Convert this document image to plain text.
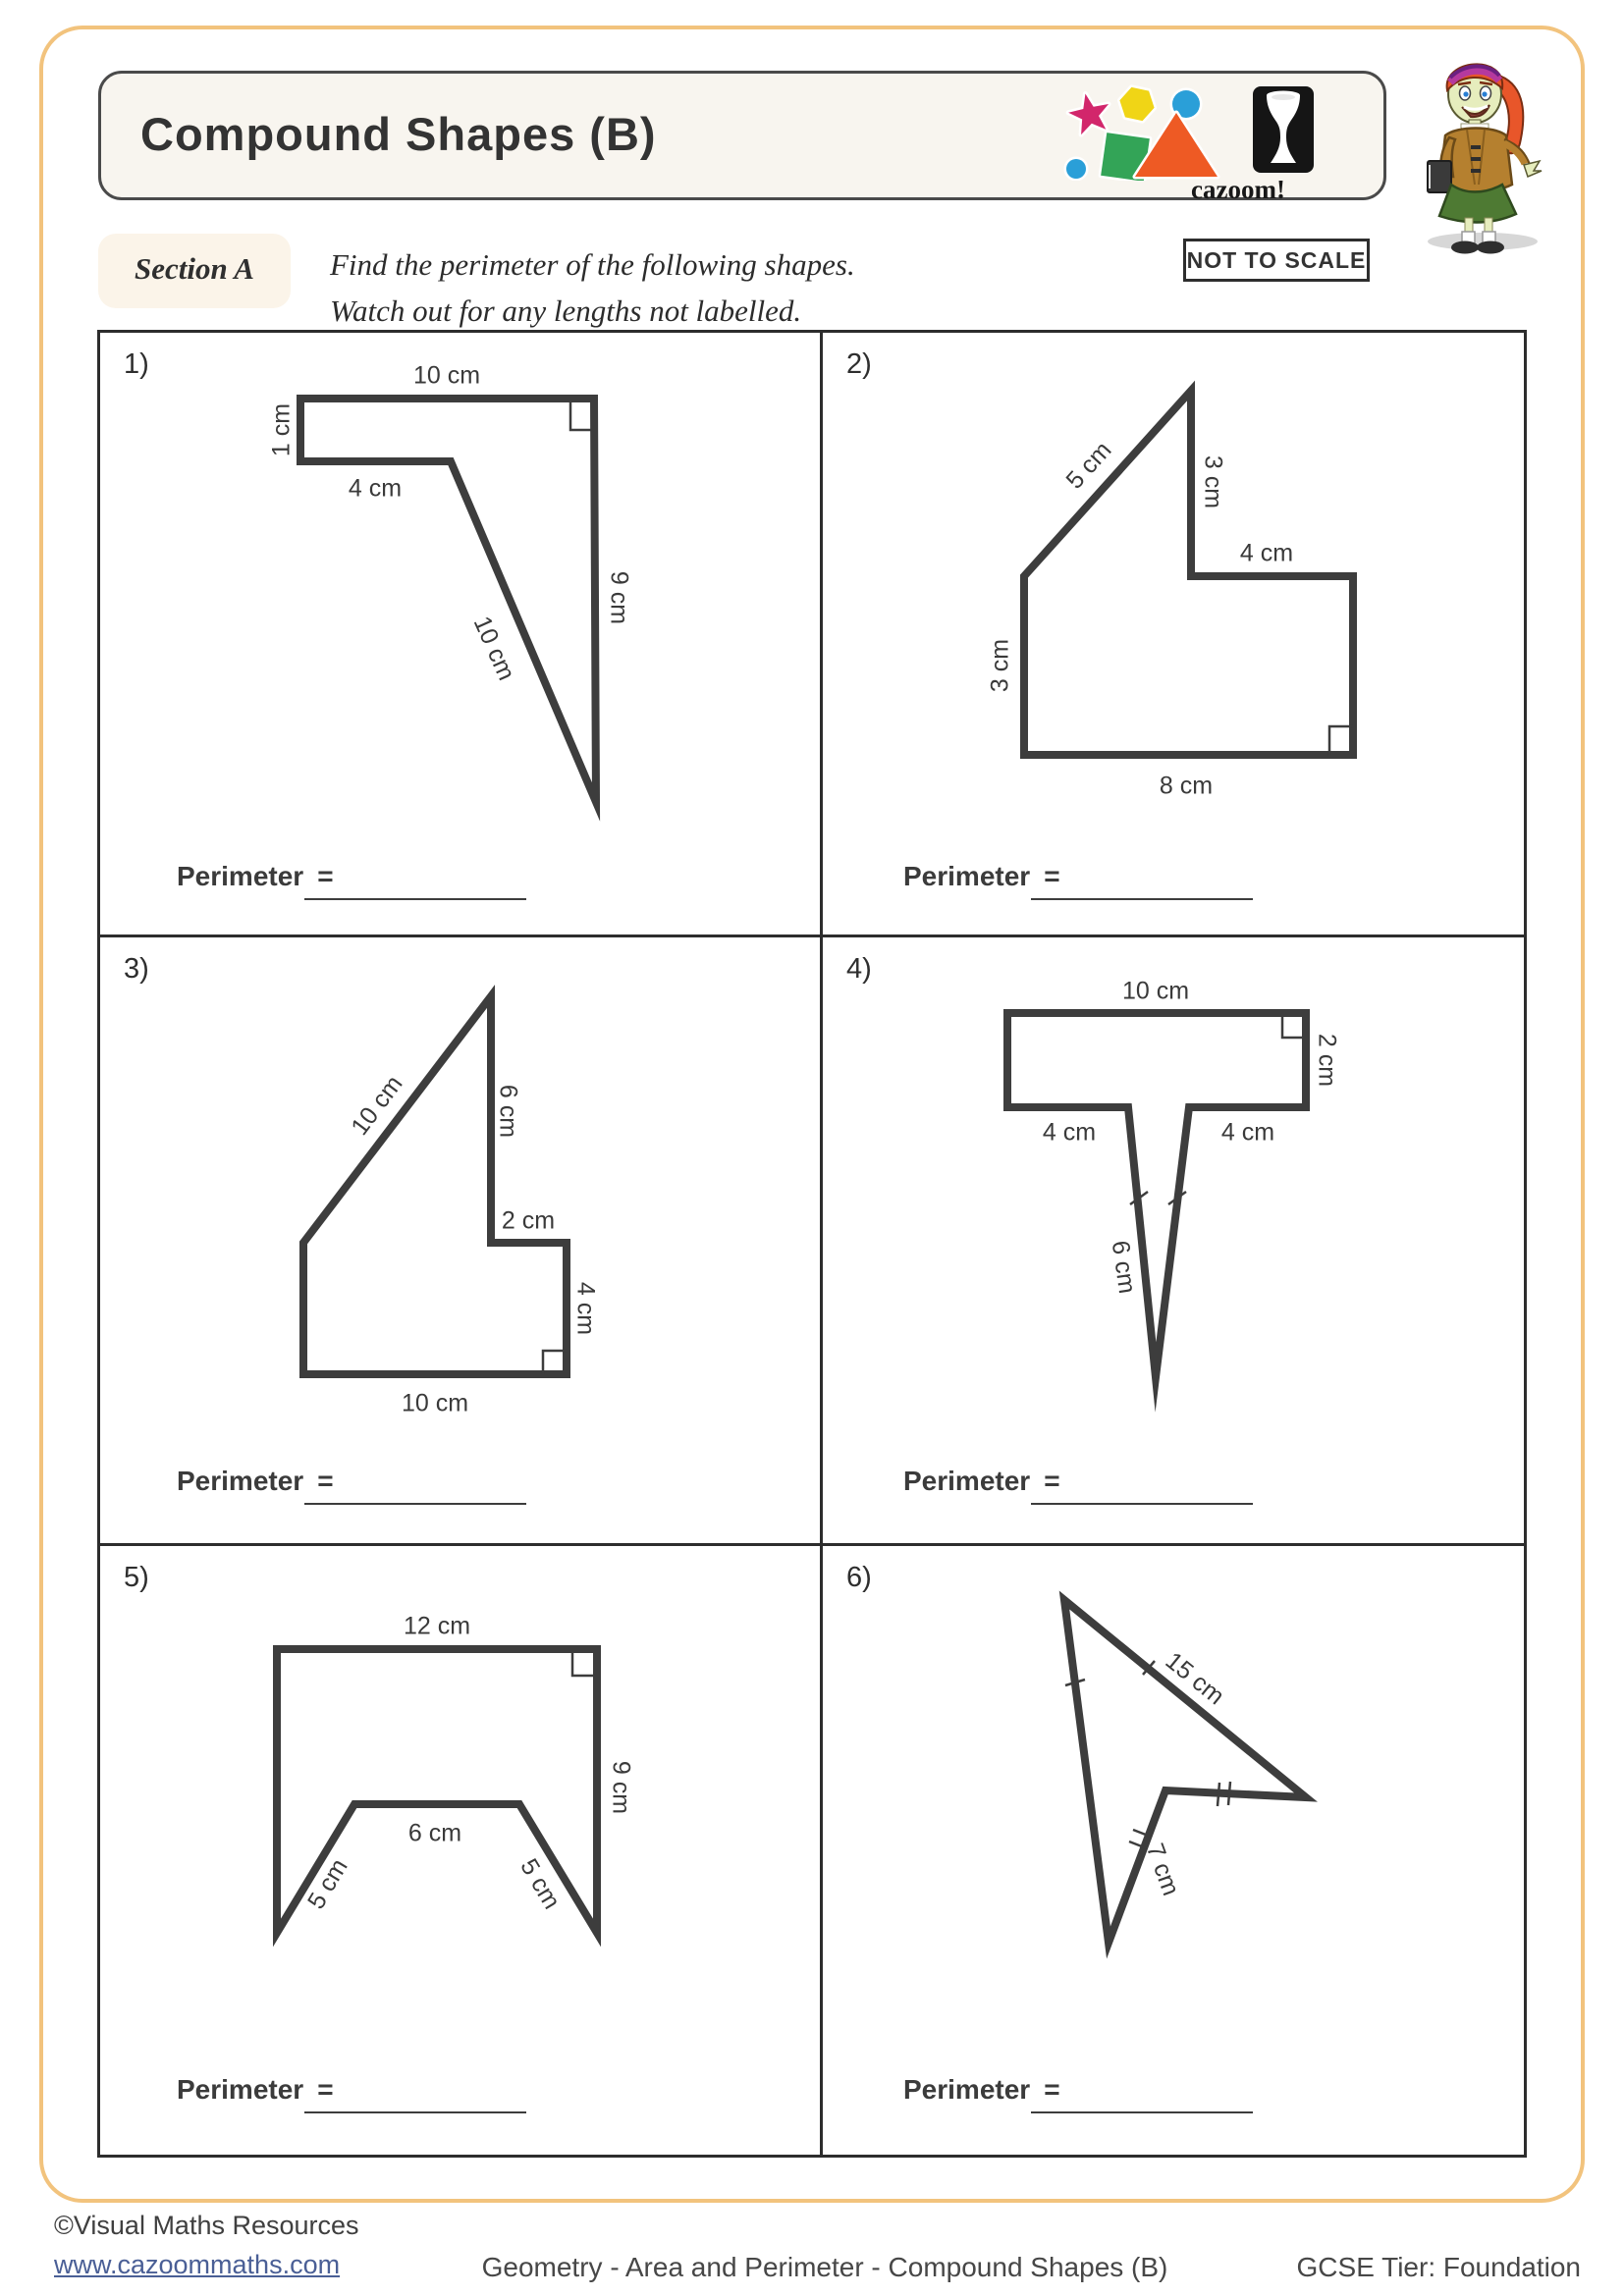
Compound Shapes (B)
cazoom!
Section A	Find the perimeter of the following shapes.
Watch out for any lengths not labelled.
NOT TO SCALE
10 cm
1 cm
4 cm
10 cm
9 cm
1)
Perimeter =
5 cm	3 cm
4 cm
3 cm
8 cm
2)
Perimeter =
10 cm	6 cm
2 cm
4 cm
10 cm
3)
Perimeter =
10 cm
2 cm
4 cm	4 cm
6 cm
4)
Perimeter =
12 cm
9 cm
6 cm
5 cm	5 cm
5)
Perimeter =
15 cm
7 cm
6)
Perimeter =
©Visual Maths Resources
www.cazoommaths.com	Geometry - Area and Perimeter - Compound Shapes (B)	GCSE Tier: Foundation
